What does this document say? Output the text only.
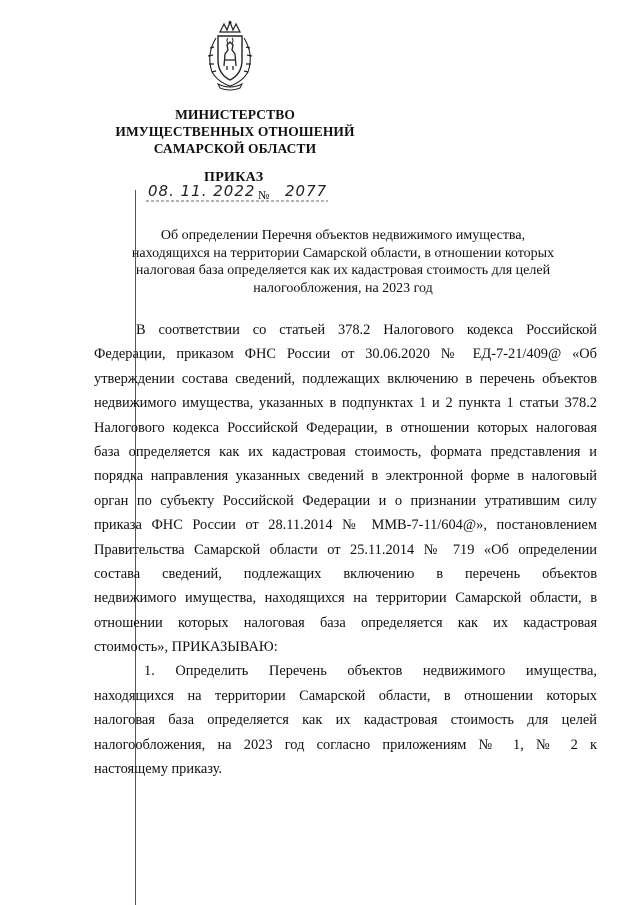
МИНИСТЕРСТВО
ИМУЩЕСТВЕННЫХ ОТНОШЕНИЙ
САМАРСКОЙ ОБЛАСТИ
ПРИКАЗ
08. 11. 2022 № 2077
Об определении Перечня объектов недвижимого имущества,
находящихся на территории Самарской области, в отношении которых
налоговая база определяется как их кадастровая стоимость для целей
налогообложения, на 2023 год
В соответствии со статьей 378.2 Налогового кодекса Российской
Федерации, приказом ФНС России от 30.06.2020 № ЕД-7-21/409@ «Об
утверждении состава сведений, подлежащих включению в перечень объектов
недвижимого имущества, указанных в подпунктах 1 и 2 пункта 1 статьи 378.2
Налогового кодекса Российской Федерации, в отношении которых налоговая
база определяется как их кадастровая стоимость, формата представления и
порядка направления указанных сведений в электронной форме в налоговый
орган по субъекту Российской Федерации и о признании утратившим силу
приказа ФНС России от 28.11.2014 № ММВ-7-11/604@», постановлением
Правительства Самарской области от 25.11.2014 № 719 «Об определении
состава сведений, подлежащих включению в перечень объектов
недвижимого имущества, находящихся на территории Самарской области, в
отношении которых налоговая база определяется как их кадастровая
стоимость», ПРИКАЗЫВАЮ:
1. Определить Перечень объектов недвижимого имущества,
находящихся на территории Самарской области, в отношении которых
налоговая база определяется как их кадастровая стоимость для целей
налогообложения, на 2023 год согласно приложениям № 1, № 2 к
настоящему приказу.
